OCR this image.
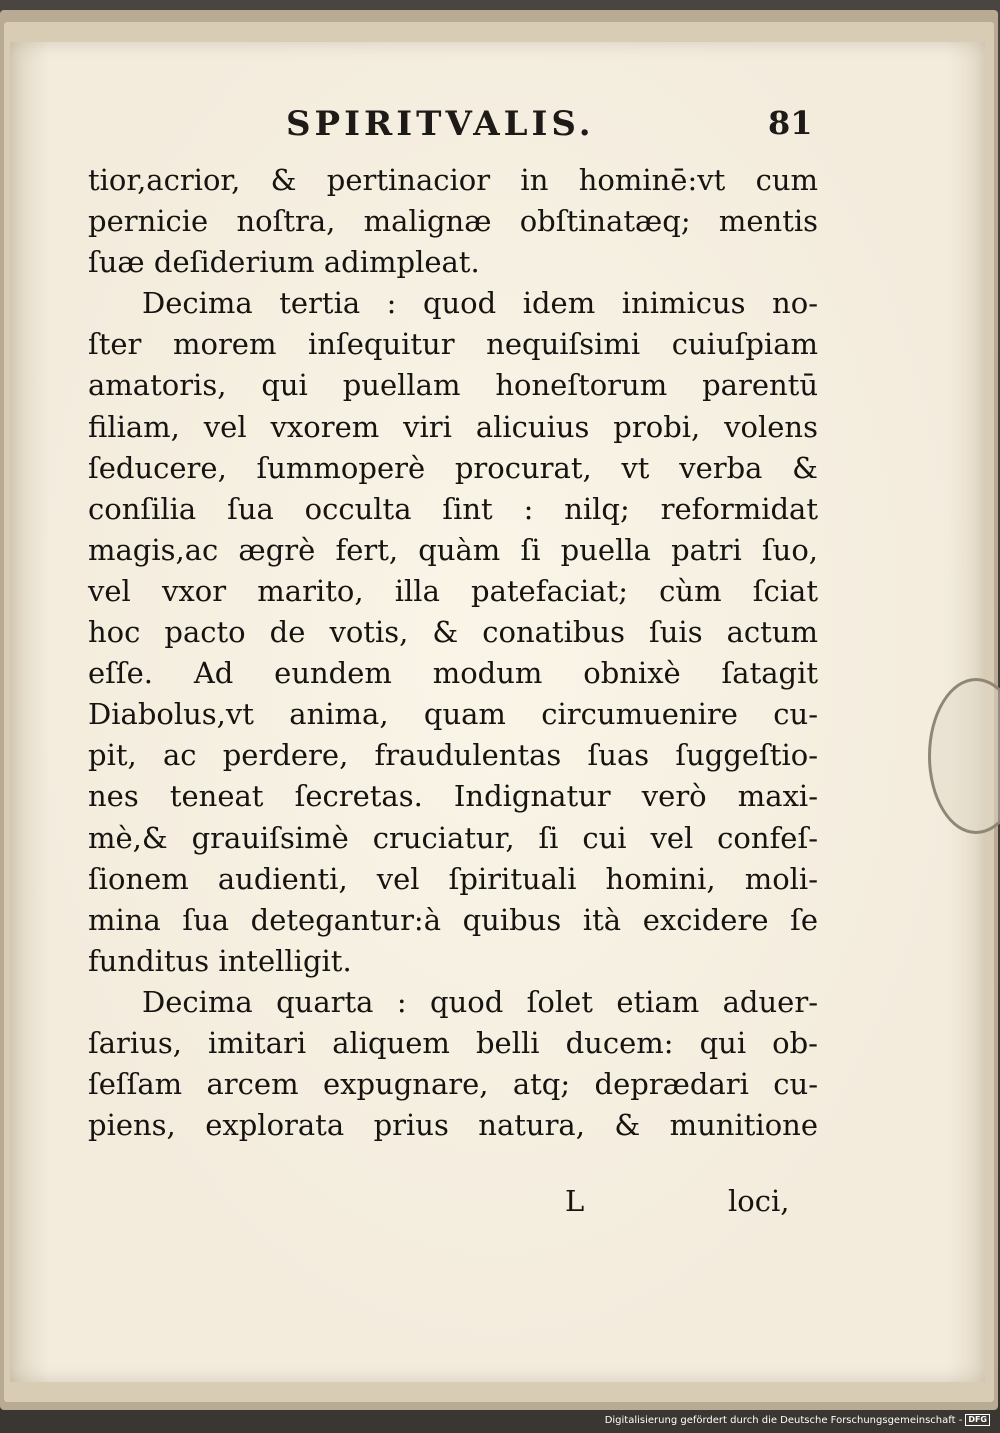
SPIRITVALIS.	81
tior,acrior, & pertinacior in hominē:vt cum
pernicie noſtra, malignæ obſtinatæq; mentis
ſuæ deſiderium adimpleat.
Decima tertia : quod idem inimicus no-
ſter morem inſequitur nequiſsimi cuiuſpiam
amatoris, qui puellam honeſtorum parentū
filiam, vel vxorem viri alicuius probi, volens
ſeducere, ſummoperè procurat, vt verba &
conſilia ſua occulta ſint : nilq; reformidat
magis,ac ægrè fert, quàm ſi puella patri ſuo,
vel vxor marito, illa patefaciat; cùm ſciat
hoc pacto de votis, & conatibus ſuis actum
eſſe. Ad eundem modum obnixè ſatagit
Diabolus,vt anima, quam circumuenire cu-
pit, ac perdere, fraudulentas ſuas ſuggeſtio-
nes teneat ſecretas. Indignatur verò maxi-
mè,& grauiſsimè cruciatur, ſi cui vel confeſ-
ſionem audienti, vel ſpirituali homini, moli-
mina ſua detegantur:à quibus ità excidere ſe
funditus intelligit.
Decima quarta : quod ſolet etiam aduer-
ſarius, imitari aliquem belli ducem: qui ob-
ſeſſam arcem expugnare, atq; deprædari cu-
piens, explorata prius natura, & munitione
L	loci,
Digitalisierung gefördert durch die Deutsche Forschungsgemeinschaft - DFG
